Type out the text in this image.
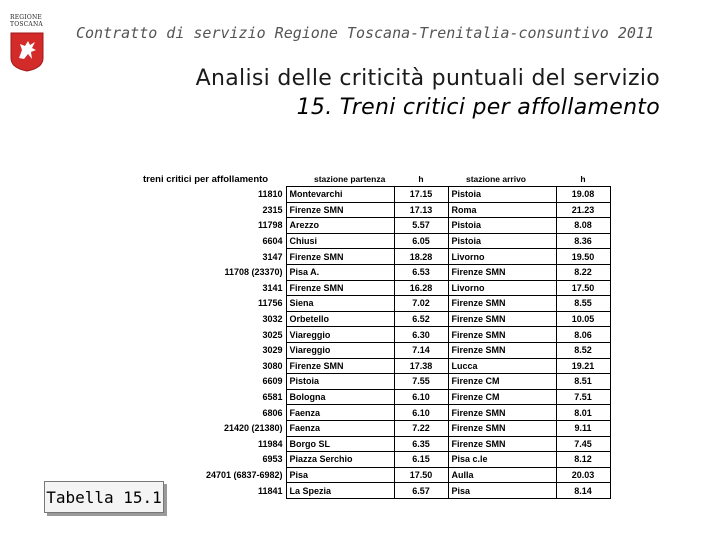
REGIONE
TOSCANA	Contratto di servizio Regione Toscana-Trenitalia-consuntivo 2011
Analisi delle criticità puntuali del servizio
15. Treni critici per affollamento
treni critici per affollamento	stazione partenza	h	stazione arrivo	h
11810	Montevarchi	17.15	Pistoia	19.08
2315	Firenze SMN	17.13	Roma	21.23
11798	Arezzo	5.57	Pistoia	8.08
6604	Chiusi	6.05	Pistoia	8.36
3147	Firenze SMN	18.28	Livorno	19.50
11708 (23370)	Pisa A.	6.53	Firenze SMN	8.22
3141	Firenze SMN	16.28	Livorno	17.50
11756	Siena	7.02	Firenze SMN	8.55
3032	Orbetello	6.52	Firenze SMN	10.05
3025	Viareggio	6.30	Firenze SMN	8.06
3029	Viareggio	7.14	Firenze SMN	8.52
3080	Firenze SMN	17.38	Lucca	19.21
6609	Pistoia	7.55	Firenze CM	8.51
6581	Bologna	6.10	Firenze CM	7.51
6806	Faenza	6.10	Firenze SMN	8.01
21420 (21380)	Faenza	7.22	Firenze SMN	9.11
11984	Borgo SL	6.35	Firenze SMN	7.45
6953	Piazza Serchio	6.15	Pisa c.le	8.12
24701 (6837-6982)	Pisa	17.50	Aulla	20.03
11841	La Spezia	6.57	Pisa	8.14
Tabella 15.1
